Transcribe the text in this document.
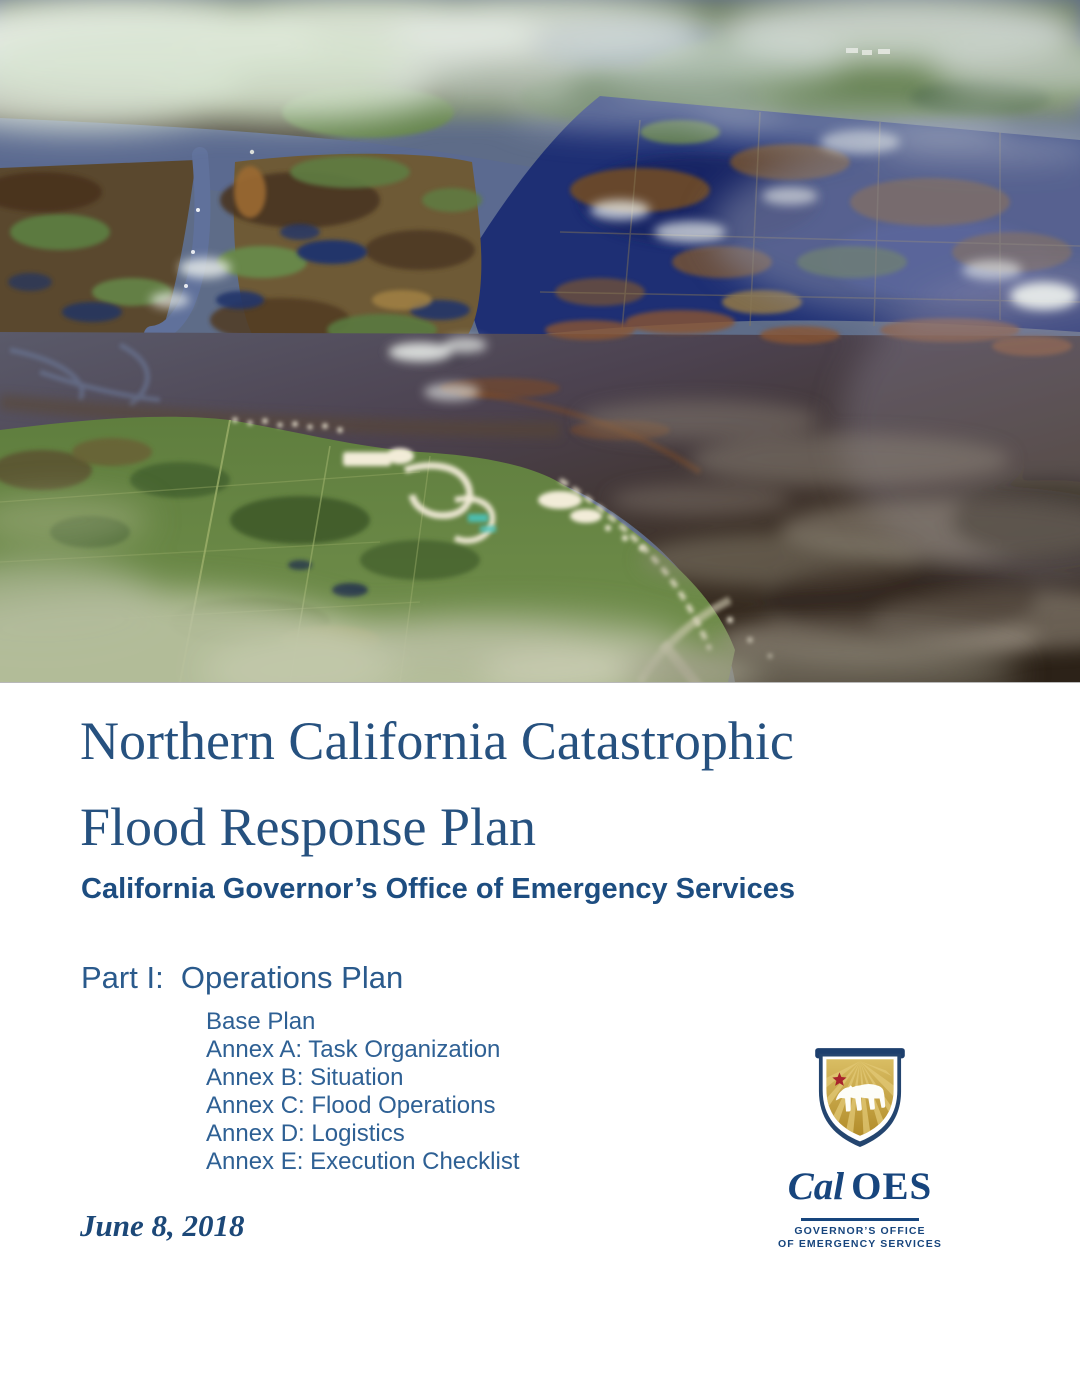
Northern California Catastrophic
Flood Response Plan
California Governor’s Office of Emergency Services
Part I:  Operations Plan
Base Plan
Annex A: Task Organization
Annex B: Situation
Annex C: Flood Operations
Annex D: Logistics
Annex E: Execution Checklist
June 8, 2018
Cal OES
GOVERNOR’S OFFICE
OF EMERGENCY SERVICES
